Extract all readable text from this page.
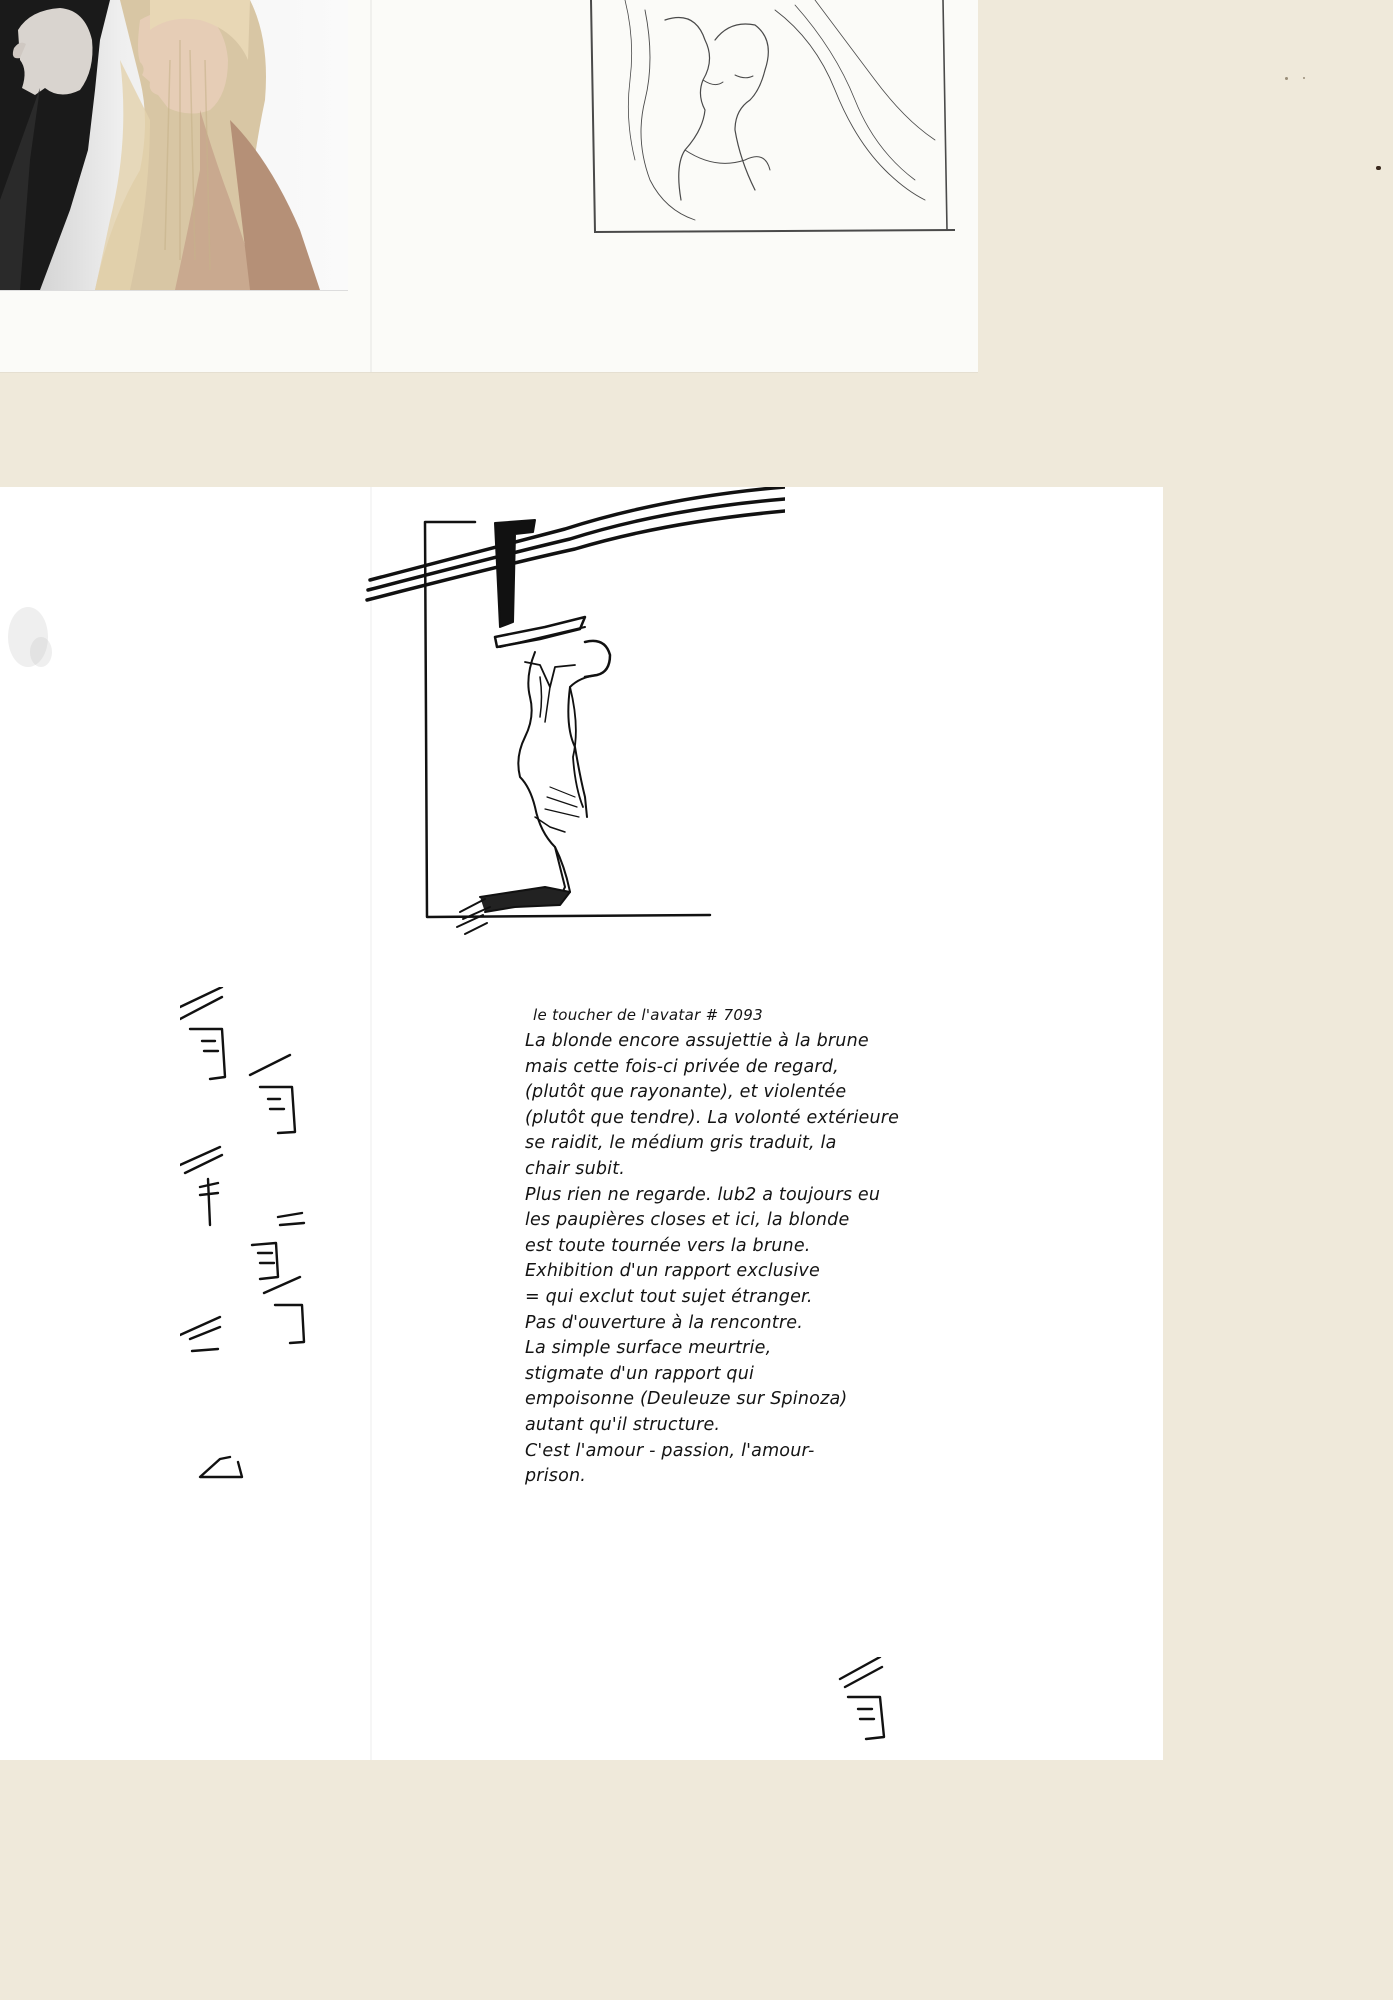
le toucher de l'avatar # 7093
La blonde encore assujettie à la brune
mais cette fois-ci privée de regard,
(plutôt que rayonante), et violentée
(plutôt que tendre). La volonté extérieure
se raidit, le médium gris traduit, la
chair subit.
Plus rien ne regarde. lub2 a toujours eu
les paupières closes et ici, la blonde
est toute tournée vers la brune.
Exhibition d'un rapport exclusive
= qui exclut tout sujet étranger.
Pas d'ouverture à la rencontre.
La simple surface meurtrie,
stigmate d'un rapport qui
empoisonne (Deuleuze sur Spinoza)
autant qu'il structure.
C'est l'amour - passion, l'amour-
prison.
